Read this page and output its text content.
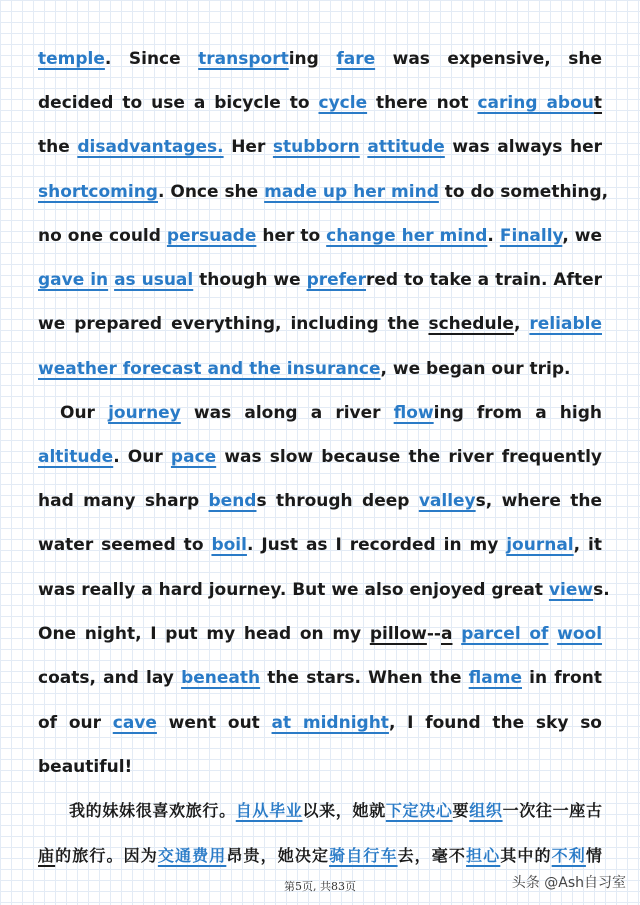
temple. Since transporting fare was expensive, she
decided to use a bicycle to cycle there not caring about
the disadvantages. Her stubborn attitude was always her
shortcoming. Once she made up her mind to do something,
no one could persuade her to change her mind. Finally, we
gave in as usual though we preferred to take a train. After
we prepared everything, including the schedule, reliable
weather forecast and the insurance, we began our trip.
Our journey was along a river flowing from a high
altitude. Our pace was slow because the river frequently
had many sharp bends through deep valleys, where the
water seemed to boil. Just as I recorded in my journal, it
was really a hard journey. But we also enjoyed great views.
One night, I put my head on my pillow--a parcel of wool
coats, and lay beneath the stars. When the flame in front
of our cave went out at midnight, I found the sky so
beautiful!
我的妹妹很喜欢旅行。自从毕业以来，她就下定决心要组织一次往一座古
庙的旅行。因为交通费用昂贵，她决定骑自行车去，毫不担心其中的不利情
第5页, 共83页	头条 @Ash自习室
